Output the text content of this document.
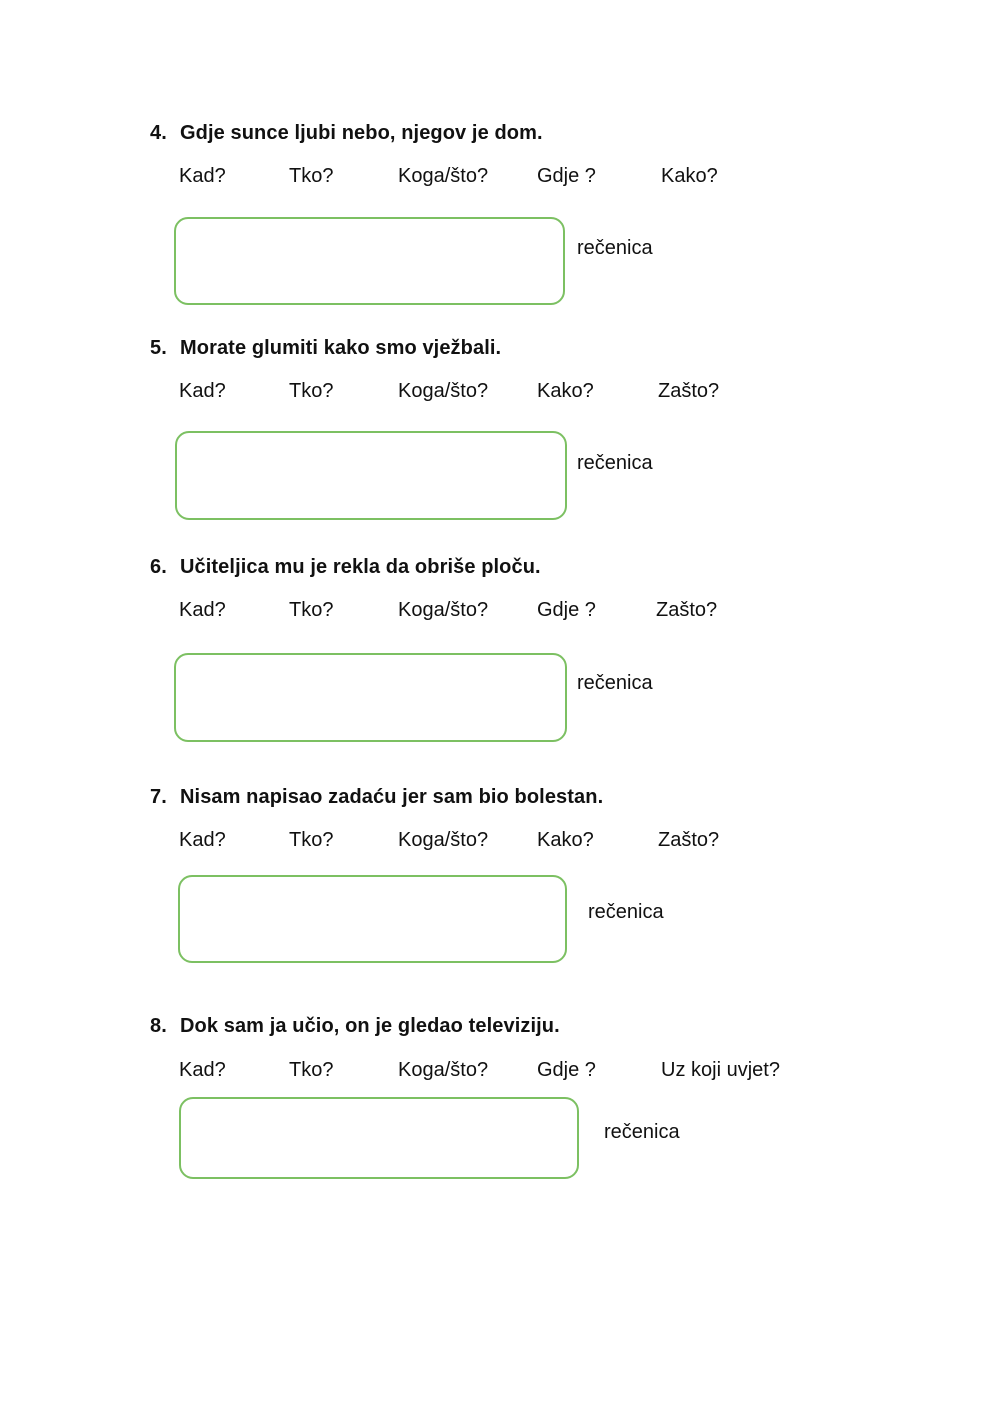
4. Gdje sunce ljubi nebo, njegov je dom.
Kad?	Tko?	Koga/što? Gdje ?	Kako?
rečenica
5. Morate glumiti kako smo vježbali.
Kad?	Tko?	Koga/što? Kako?	Zašto?
rečenica
6. Učiteljica mu je rekla da obriše ploču.
Kad?	Tko?	Koga/što? Gdje ?	Zašto?
rečenica
7. Nisam napisao zadaću jer sam bio bolestan.
Kad?	Tko?	Koga/što? Kako?	Zašto?
rečenica
8. Dok sam ja učio, on je gledao televiziju.
Kad?	Tko?	Koga/što? Gdje ?	Uz koji uvjet?
rečenica
